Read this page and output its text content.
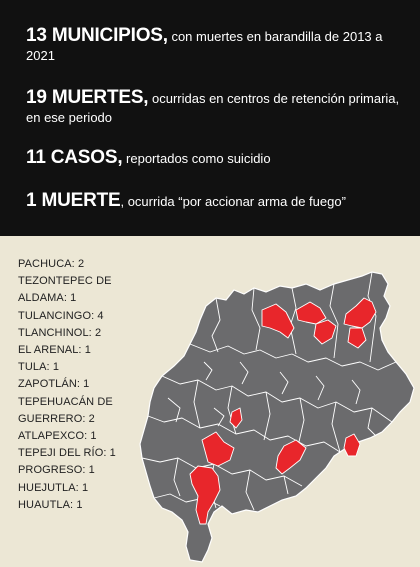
13 MUNICIPIOS, con muertes en barandilla de 2013 a 2021
19 MUERTES, ocurridas en centros de retención primaria, en ese periodo
11 CASOS, reportados como suicidio
1 MUERTE, ocurrida “por accionar arma de fuego”
PACHUCA: 2
TEZONTEPEC DE
ALDAMA: 1
TULANCINGO: 4
TLANCHINOL: 2
EL ARENAL: 1
TULA: 1
ZAPOTLÁN: 1
TEPEHUACÁN DE
GUERRERO: 2
ATLAPEXCO: 1
TEPEJI DEL RÍO: 1
PROGRESO: 1
HUEJUTLA: 1
HUAUTLA: 1
